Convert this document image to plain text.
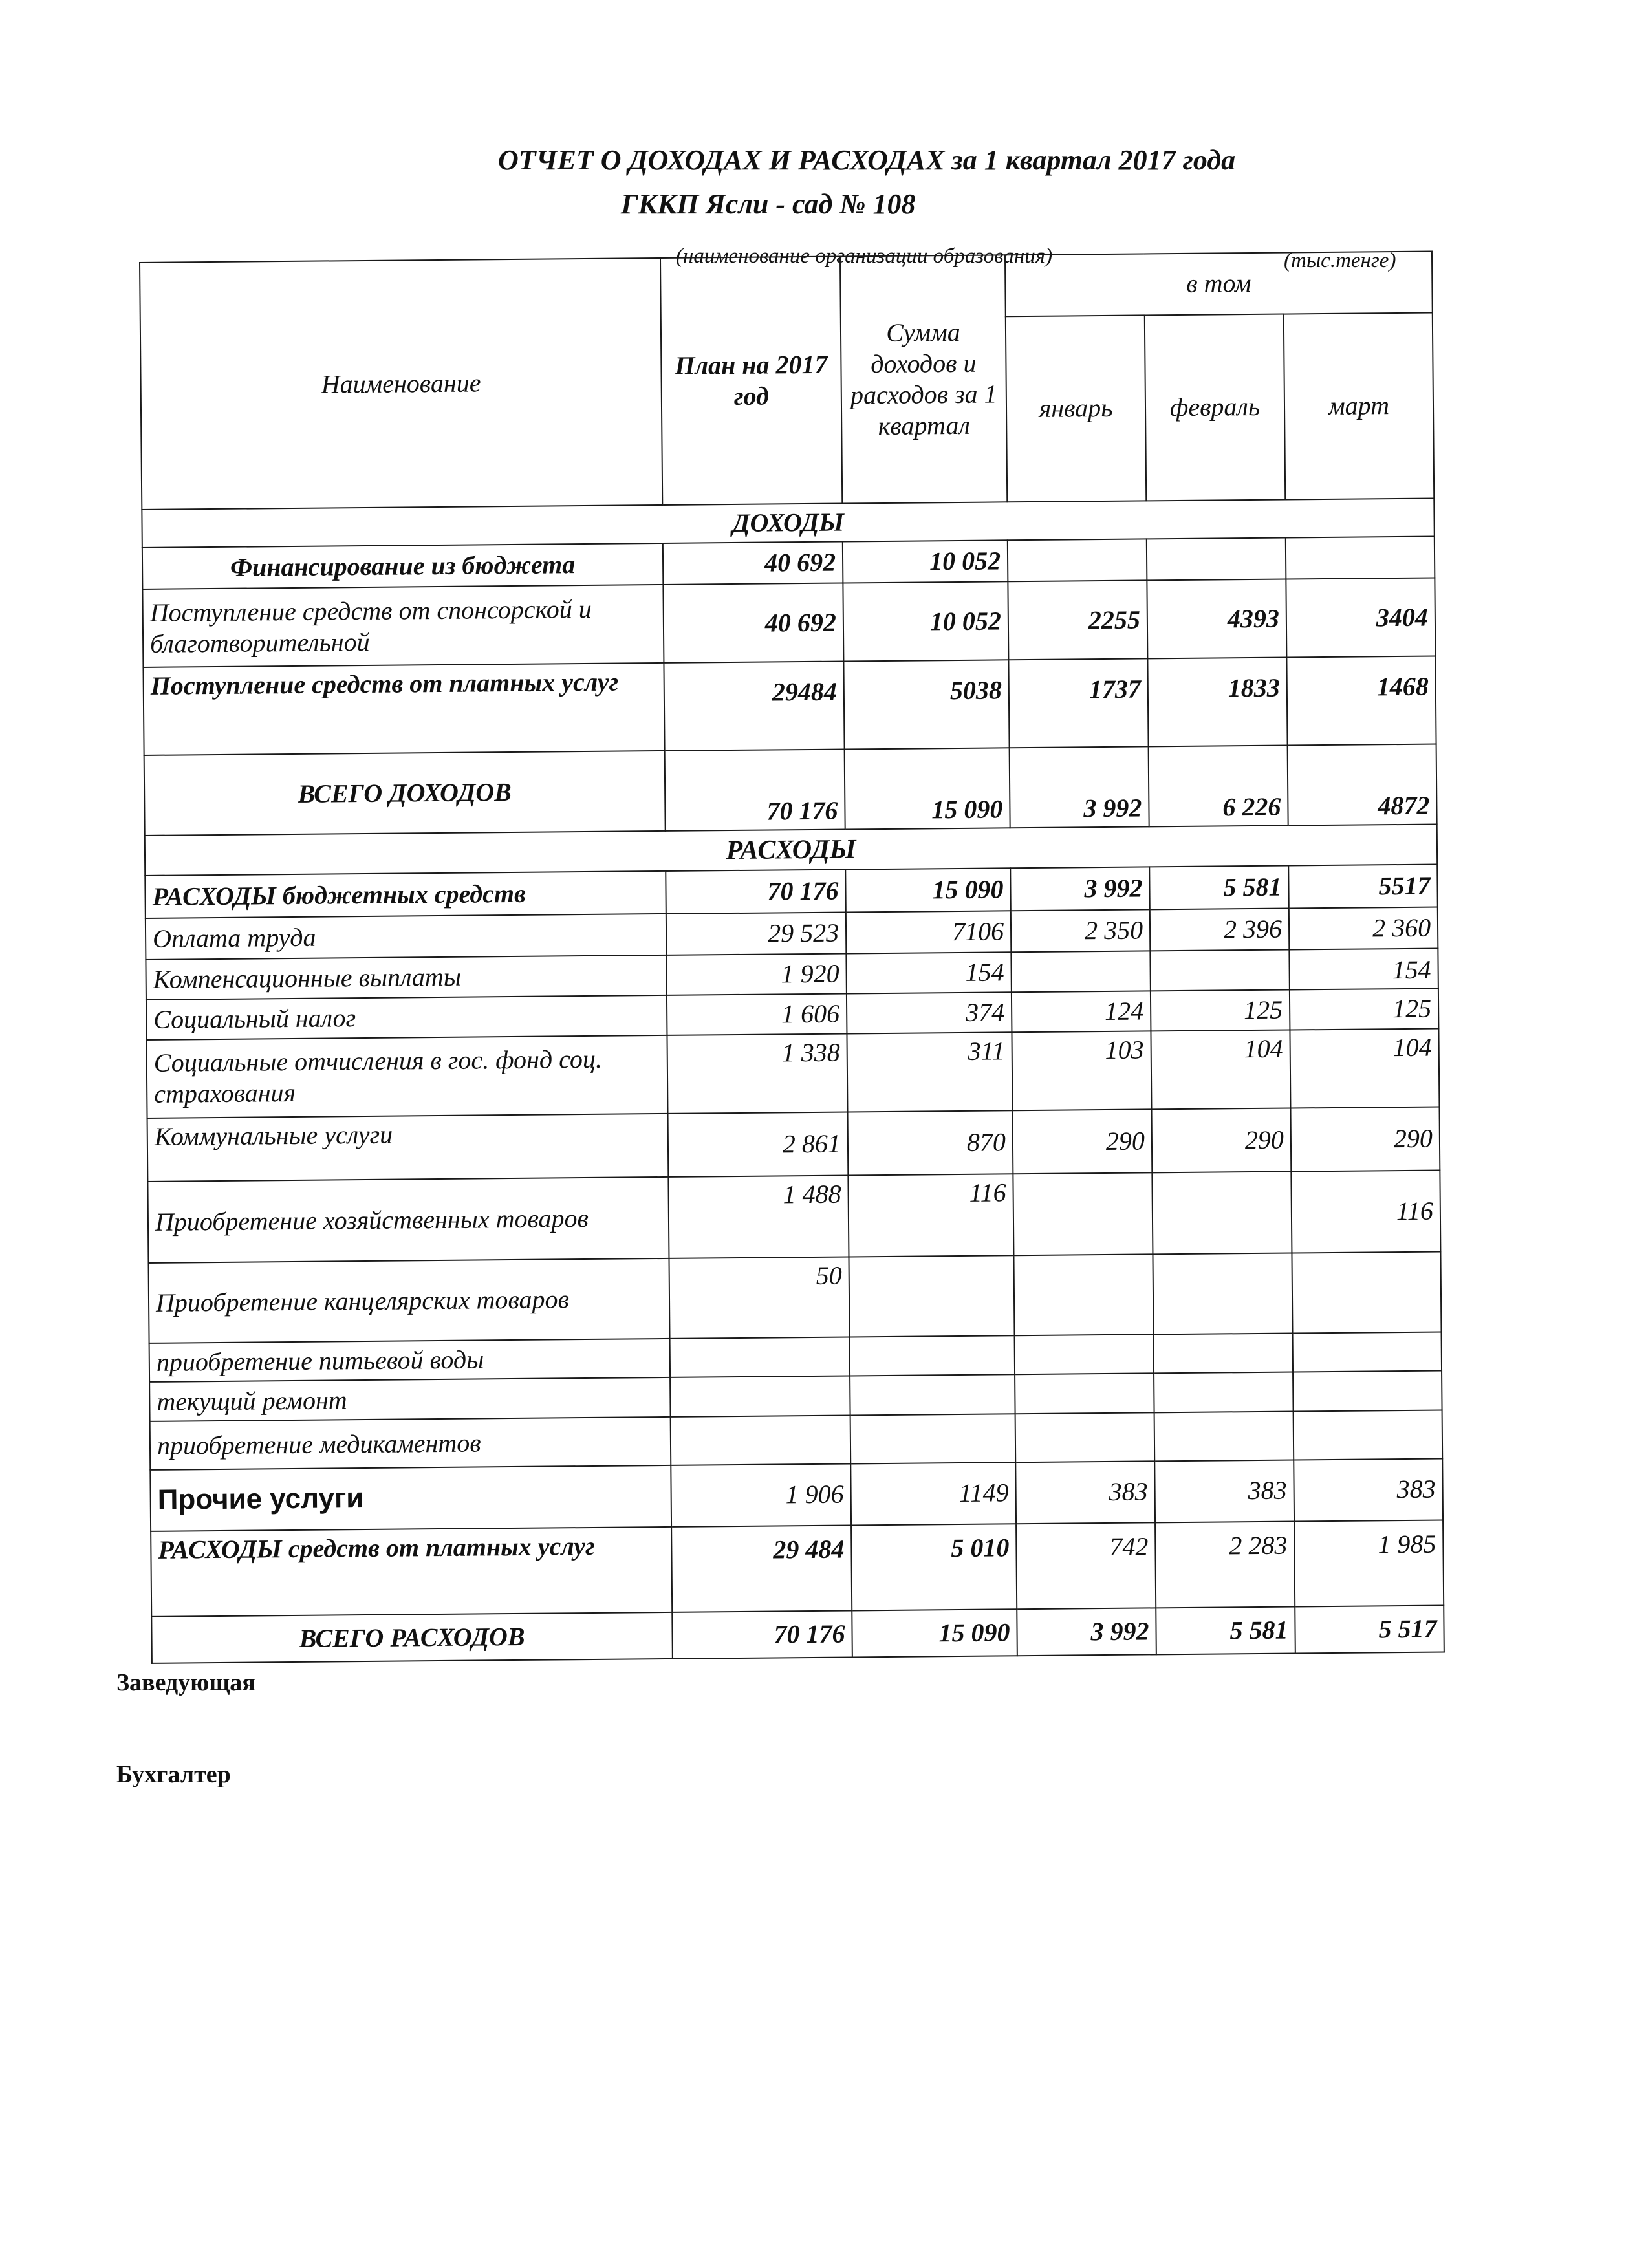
ОТЧЕТ О ДОХОДАХ И РАСХОДАХ за 1 квартал 2017 года
ГККП Ясли - сад № 108
(наименование организации образования)	(тыс.тенге)
Наименование	План на 2017 год	Сумма доходов и расходов за 1 квартал	в том		
			январь	февраль	март
ДОХОДЫ					
Финансирование из бюджета	40 692	10 052			
Поступление средств от спонсорской и благотворительной	40 692	10 052	2255	4393	3404
Поступление средств от платных услуг	29484	5038	1737	1833	1468
ВСЕГО ДОХОДОВ	70 176	15 090	3 992	6 226	4872
РАСХОДЫ					
РАСХОДЫ бюджетных средств	70 176	15 090	3 992	5 581	5517
Оплата труда	29 523	7106	2 350	2 396	2 360
Компенсационные выплаты	1 920	154			154
Социальный налог	1 606	374	124	125	125
Социальные отчисления в гос. фонд соц. страхования	1 338	311	103	104	104
Коммунальные услуги	2 861	870	290	290	290
Приобретение хозяйственных товаров	1 488	116			116
Приобретение канцелярских товаров	50				
приобретение питьевой воды					
текущий ремонт					
приобретение медикаментов					
Прочие услуги	1 906	1149	383	383	383
РАСХОДЫ средств от платных услуг	29 484	5 010	742	2 283	1 985
ВСЕГО РАСХОДОВ	70 176	15 090	3 992	5 581	5 517
Заведующая
Бухгалтер
